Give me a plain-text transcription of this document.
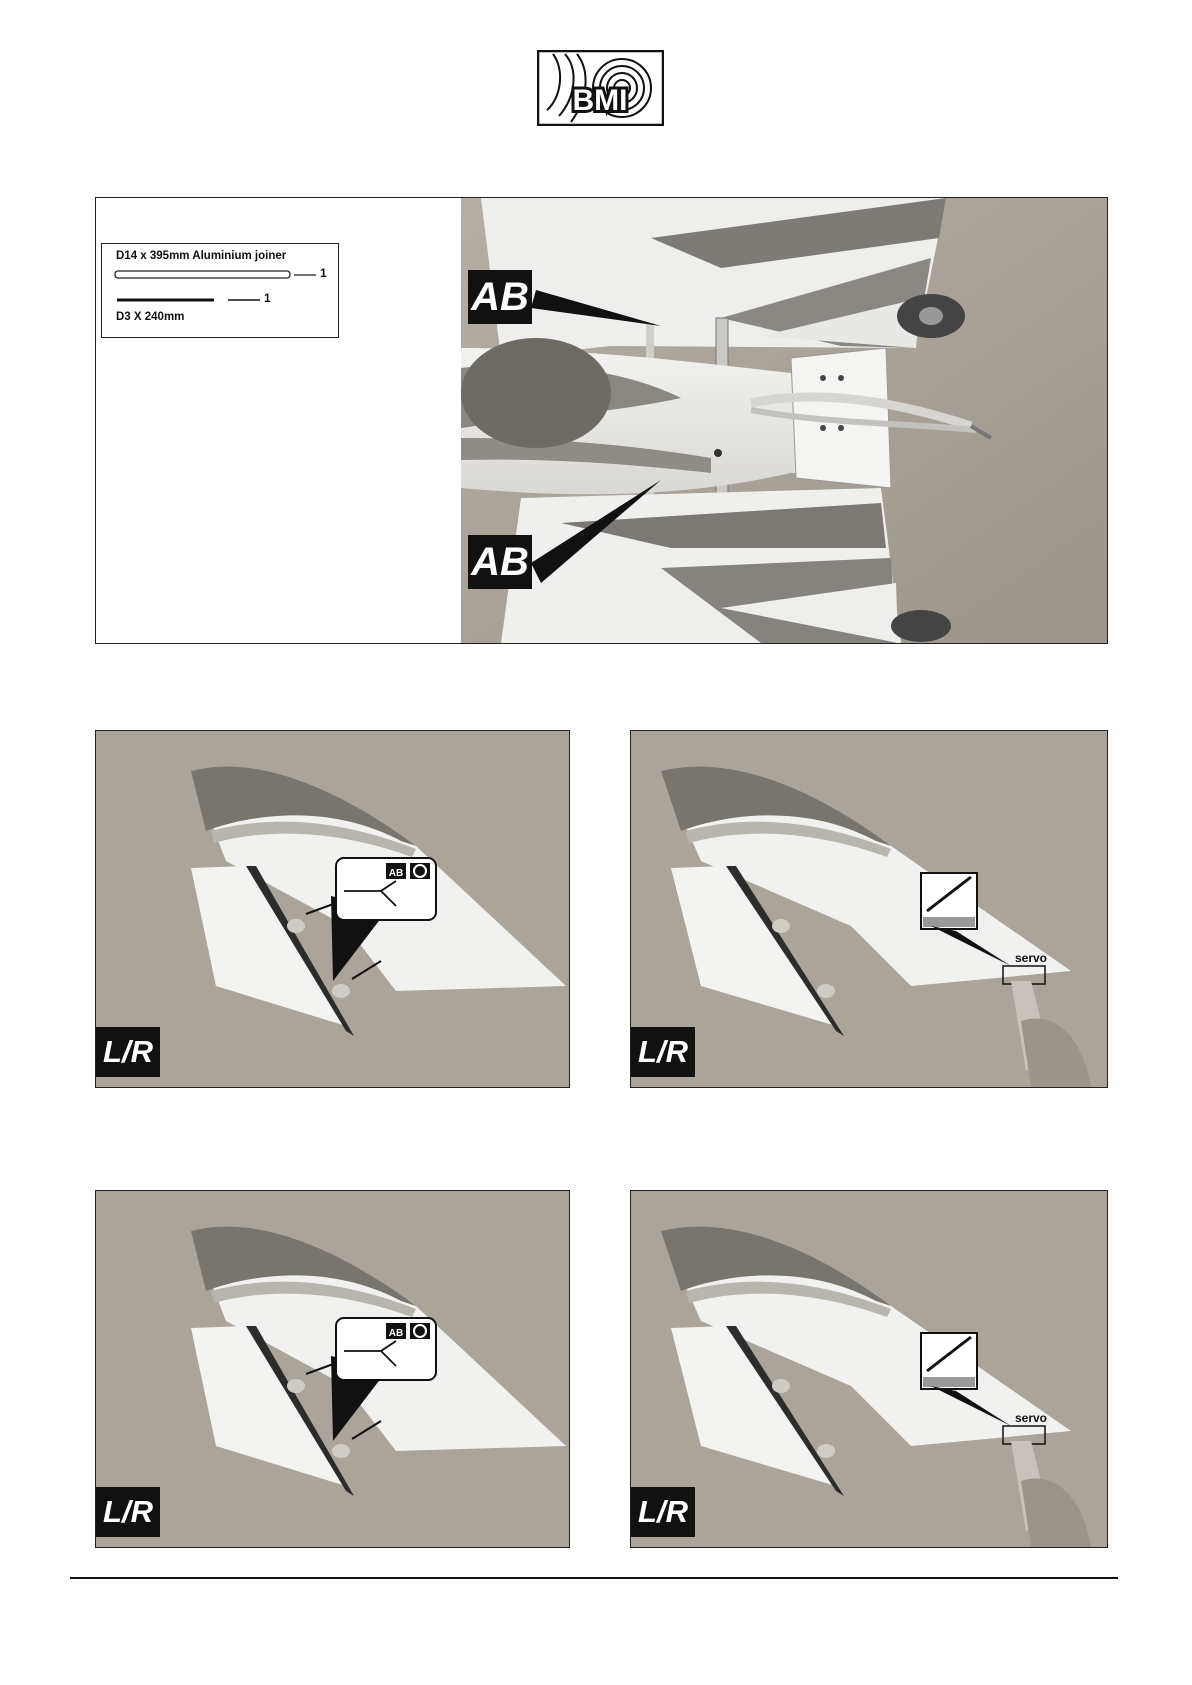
BMI
D14 x 395mm Aluminium joiner
1
1
D3 X 240mm	AB
AB
AB
L/R
servo
L/R
AB
L/R
servo
L/R
